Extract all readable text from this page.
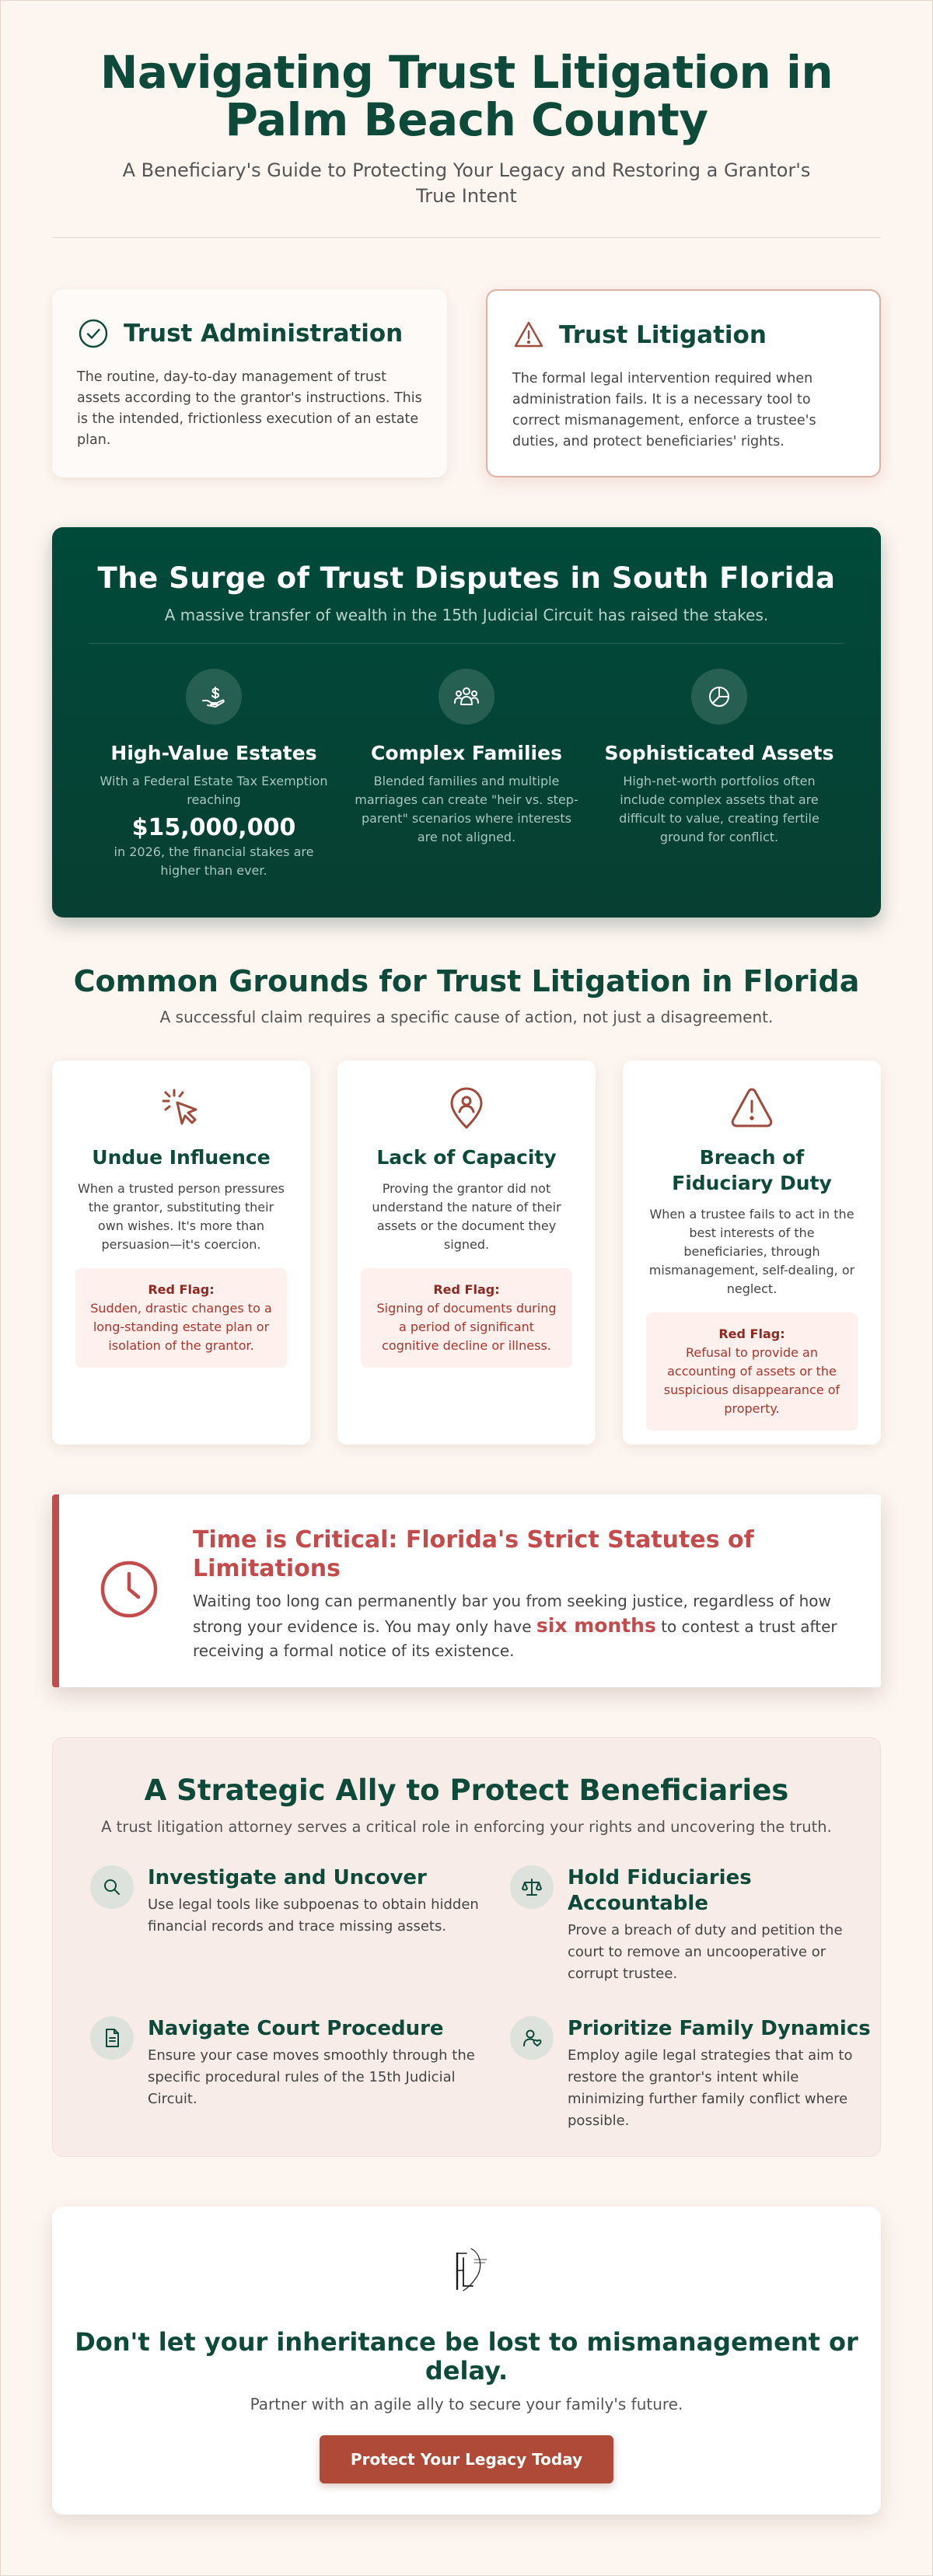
Navigating Trust Litigation in Palm Beach County

A Beneficiary's Guide to Protecting Your Legacy and Restoring a Grantor's True Intent

Trust Administration

The routine, day-to-day management of trust assets according to the grantor's instructions. This is the intended, frictionless execution of an estate plan.

Trust Litigation

The formal legal intervention required when administration fails. It is a necessary tool to correct mismanagement, enforce a trustee's duties, and protect beneficiaries' rights.

The Surge of Trust Disputes in South Florida

A massive transfer of wealth in the 15th Judicial Circuit has raised the stakes.

High-Value Estates

With a Federal Estate Tax Exemption reaching

$15,000,000

in 2026, the financial stakes are higher than ever.

Complex Families

Blended families and multiple marriages can create "heir vs. step-parent" scenarios where interests are not aligned.

Sophisticated Assets

High-net-worth portfolios often include complex assets that are difficult to value, creating fertile ground for conflict.

Common Grounds for Trust Litigation in Florida

A successful claim requires a specific cause of action, not just a disagreement.

Undue Influence

When a trusted person pressures the grantor, substituting their own wishes. It's more than persuasion—it's coercion.

Red Flag:
Sudden, drastic changes to a long-standing estate plan or isolation of the grantor.
Lack of Capacity

Proving the grantor did not understand the nature of their assets or the document they signed.

Red Flag:
Signing of documents during a period of significant cognitive decline or illness.
Breach of Fiduciary Duty

When a trustee fails to act in the best interests of the beneficiaries, through mismanagement, self-dealing, or neglect.

Red Flag:
Refusal to provide an accounting of assets or the suspicious disappearance of property.
Time is Critical: Florida's Strict Statutes of Limitations

Waiting too long can permanently bar you from seeking justice, regardless of how strong your evidence is. You may only have six months to contest a trust after receiving a formal notice of its existence.

A Strategic Ally to Protect Beneficiaries

A trust litigation attorney serves a critical role in enforcing your rights and uncovering the truth.

Investigate and Uncover

Use legal tools like subpoenas to obtain hidden financial records and trace missing assets.

Hold Fiduciaries Accountable

Prove a breach of duty and petition the court to remove an uncooperative or corrupt trustee.

Navigate Court Procedure

Ensure your case moves smoothly through the specific procedural rules of the 15th Judicial Circuit.

Prioritize Family Dynamics

Employ agile legal strategies that aim to restore the grantor's intent while minimizing further family conflict where possible.

Don't let your inheritance be lost to mismanagement or delay.

Partner with an agile ally to secure your family's future.

Protect Your Legacy Today
